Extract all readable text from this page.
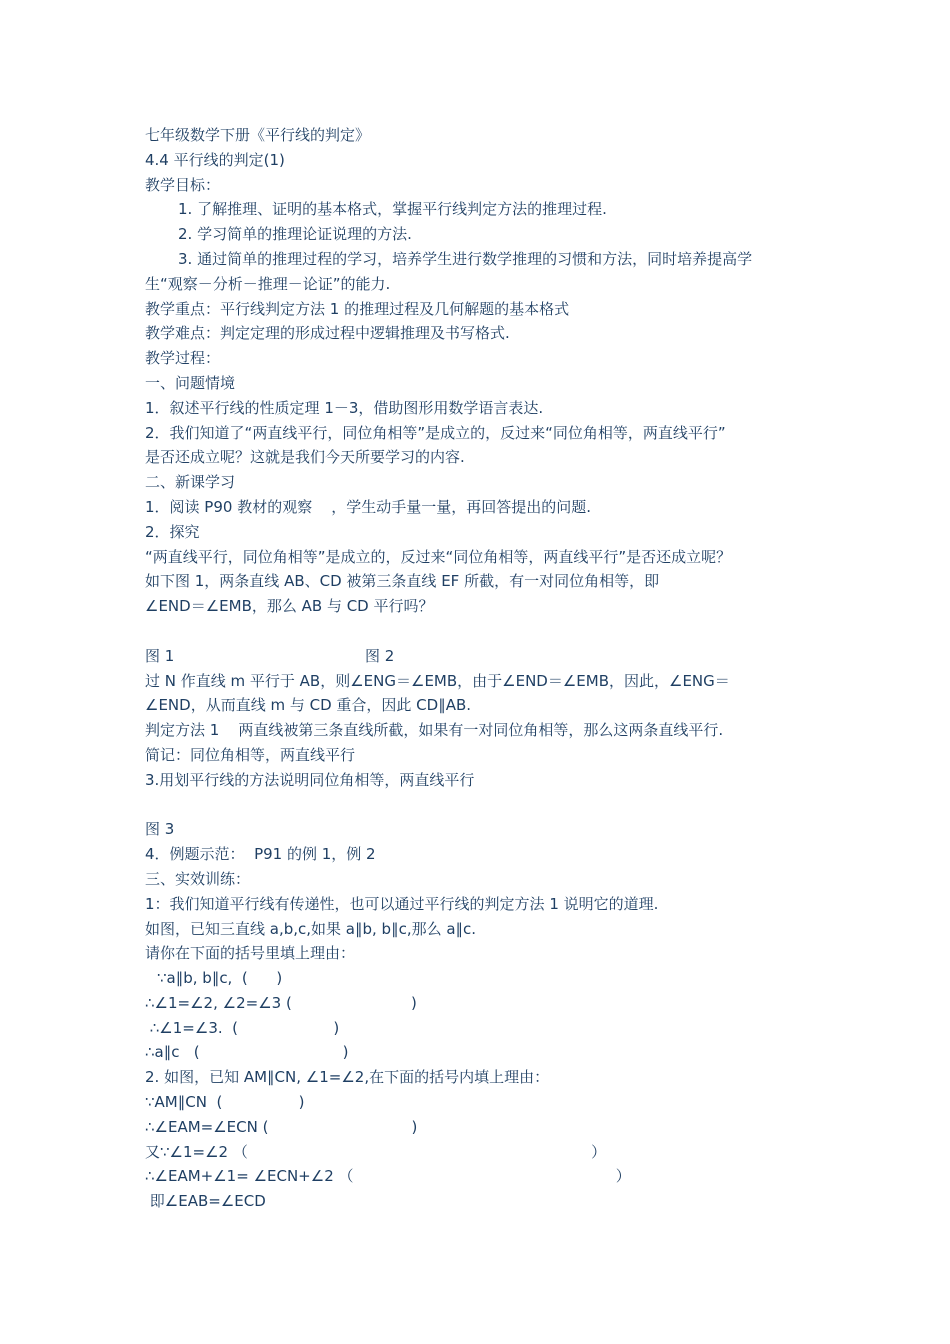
七年级数学下册《平行线的判定》
4.4 平行线的判定(1)
教学目标：
1. 了解推理、证明的基本格式，掌握平行线判定方法的推理过程.
2. 学习简单的推理论证说理的方法.
3. 通过简单的推理过程的学习，培养学生进行数学推理的习惯和方法，同时培养提高学
生“观察－分析－推理－论证”的能力.
教学重点：平行线判定方法 1 的推理过程及几何解题的基本格式
教学难点：判定定理的形成过程中逻辑推理及书写格式.
教学过程：
一、问题情境
1．叙述平行线的性质定理 1－3，借助图形用数学语言表达.
2．我们知道了“两直线平行，同位角相等”是成立的，反过来“同位角相等，两直线平行”
是否还成立呢？这就是我们今天所要学习的内容.
二、新课学习
1．阅读 P90 教材的观察    ，学生动手量一量，再回答提出的问题.
2．探究
“两直线平行，同位角相等”是成立的，反过来“同位角相等，两直线平行”是否还成立呢？
如下图 1，两条直线 AB、CD 被第三条直线 EF 所截，有一对同位角相等，即
∠END＝∠EMB，那么 AB 与 CD 平行吗？
图 1                                        图 2
过 N 作直线 m 平行于 AB，则∠ENG＝∠EMB，由于∠END＝∠EMB，因此，∠ENG＝
∠END，从而直线 m 与 CD 重合，因此 CD∥AB.
判定方法 1    两直线被第三条直线所截，如果有一对同位角相等，那么这两条直线平行.
简记：同位角相等，两直线平行
3.用划平行线的方法说明同位角相等，两直线平行
图 3
4．例题示范：  P91 的例 1，例 2
三、实效训练：
1：我们知道平行线有传递性，也可以通过平行线的判定方法 1 说明它的道理.
如图，已知三直线 a,b,c,如果 a∥b, b∥c,那么 a∥c.
请你在下面的括号里填上理由：
∵a∥b, b∥c,  (      )
∴∠1=∠2, ∠2=∠3 (                         )
∴∠1=∠3.  (                    )
∴a∥c   (                              )
2. 如图，已知 AM∥CN, ∠1=∠2,在下面的括号内填上理由：
∵AM∥CN  (                )
∴∠EAM=∠ECN (                              )
又∵∠1=∠2 （                                                                        ）
∴∠EAM+∠1= ∠ECN+∠2 （                                                       ）
即∠EAB=∠ECD
